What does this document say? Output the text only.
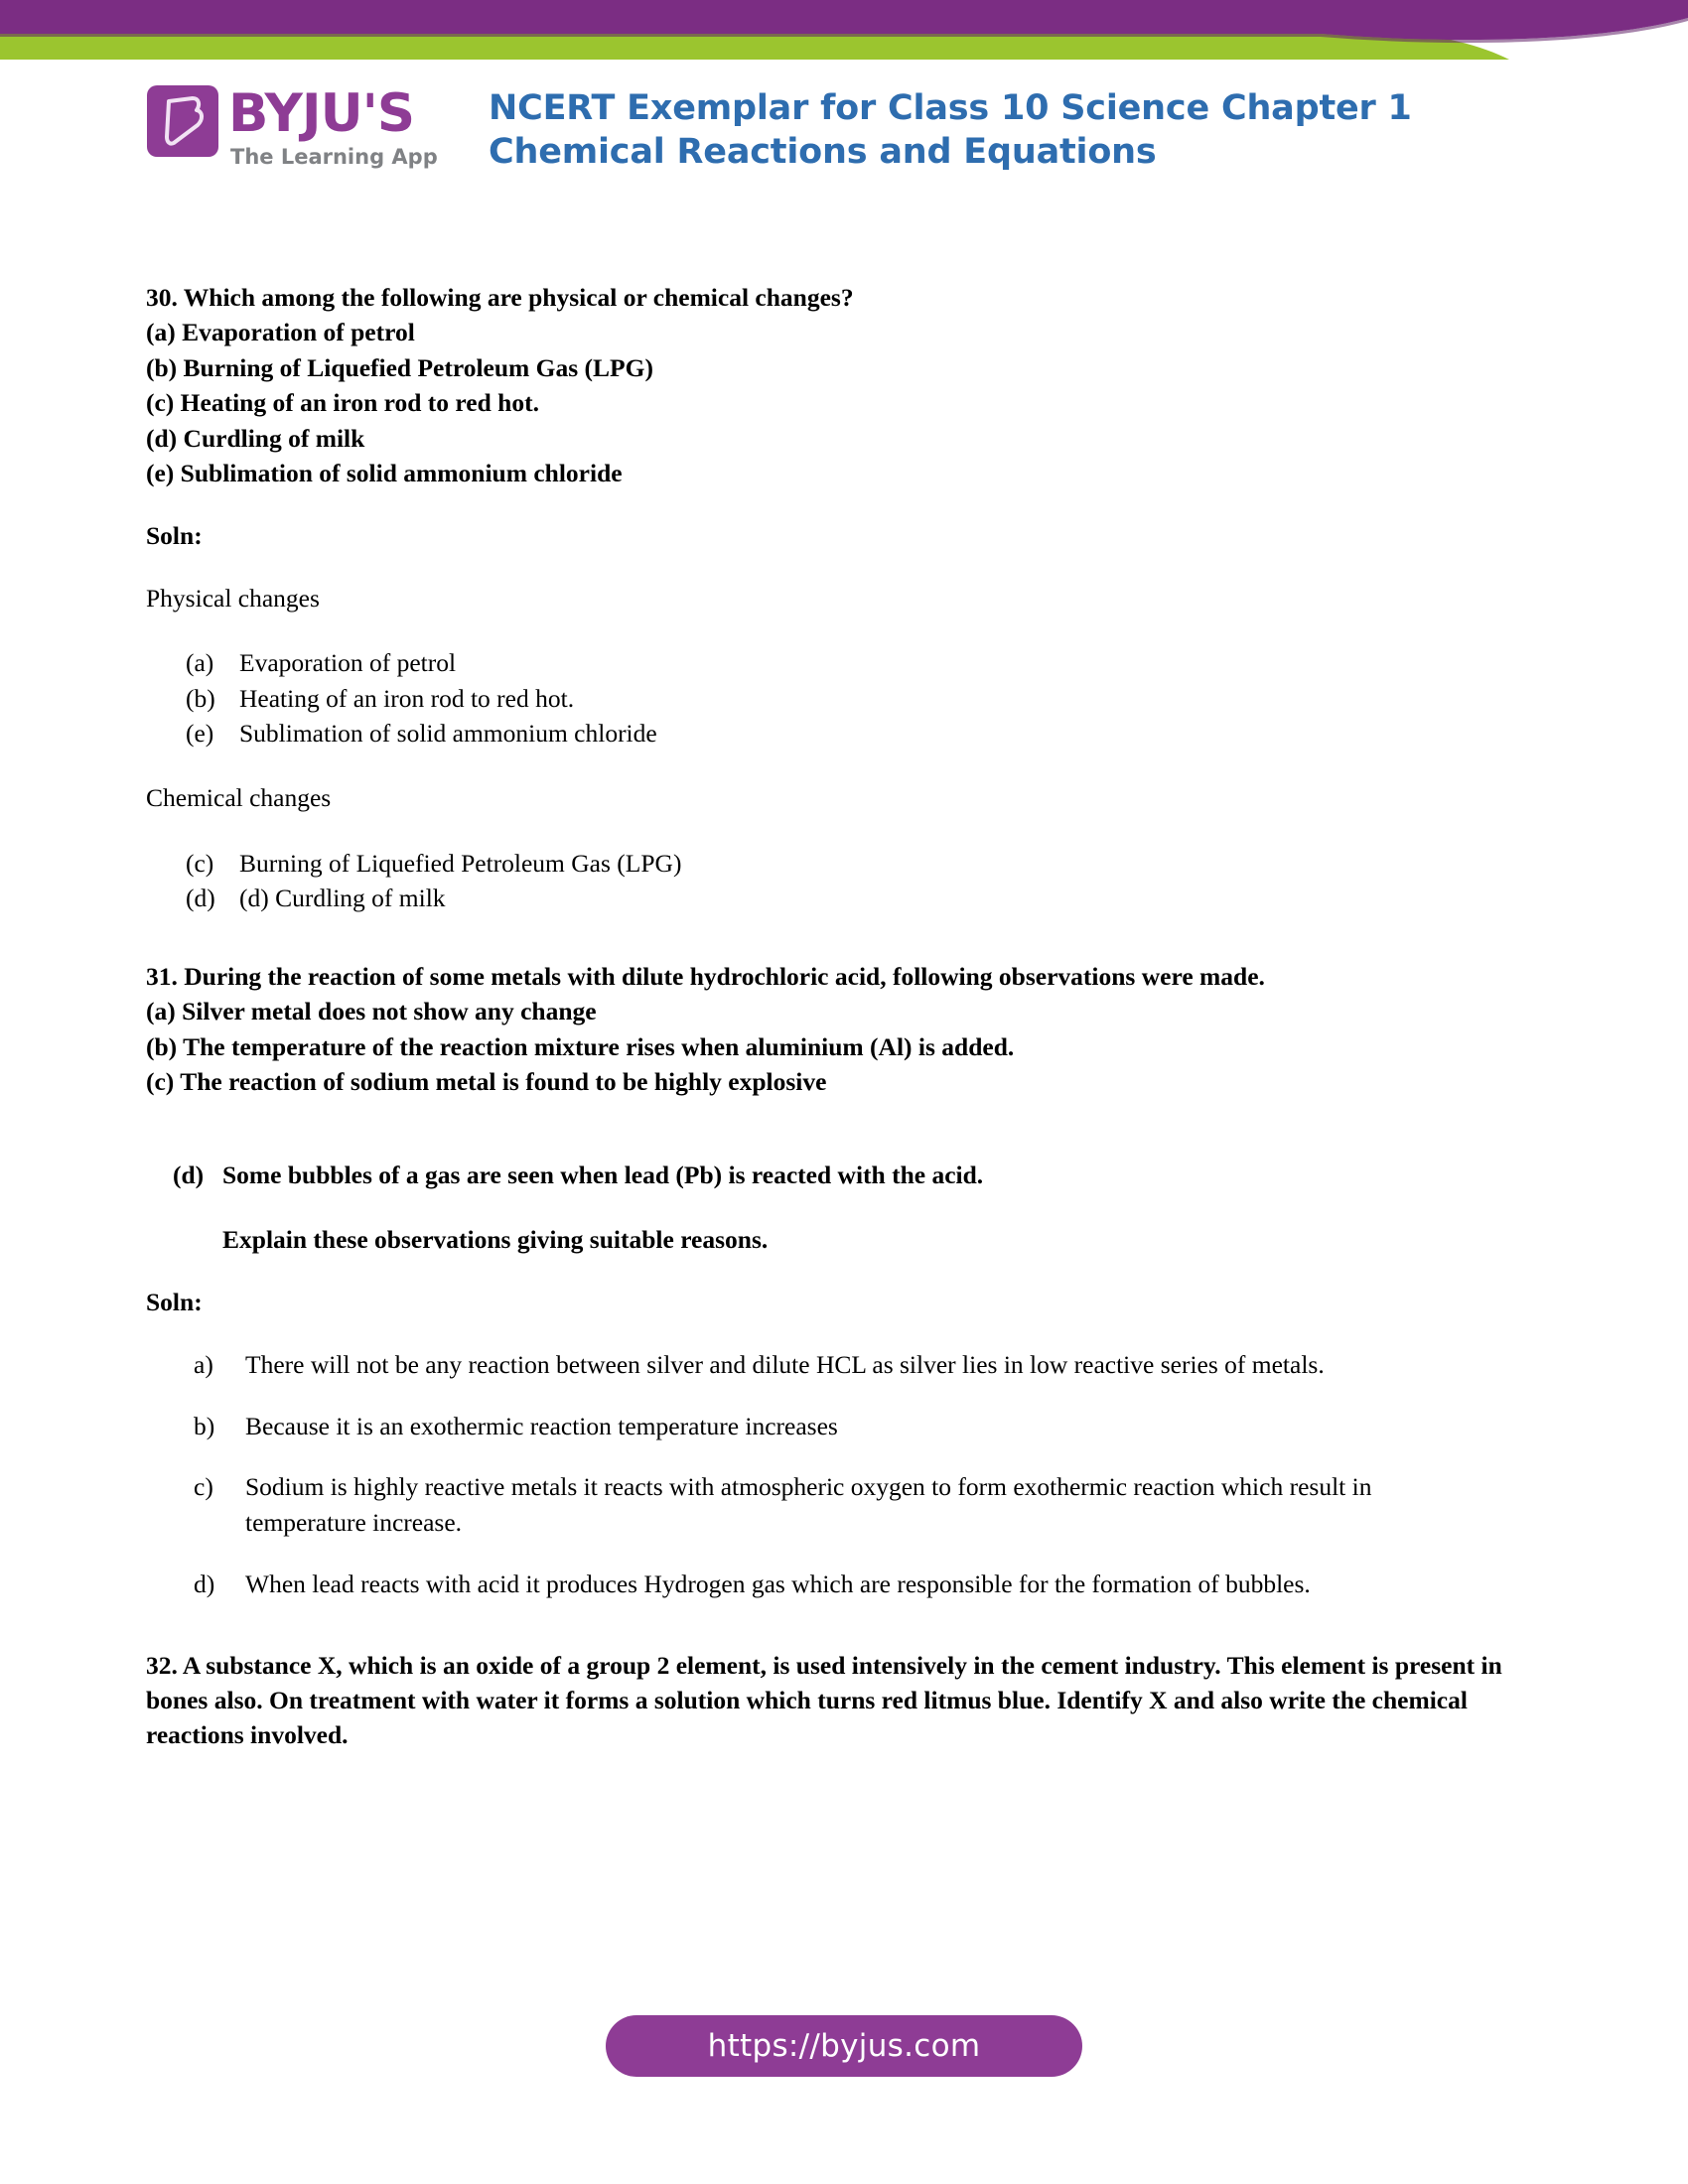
BYJU'S
The Learning App
NCERT Exemplar for Class 10 Science Chapter 1 Chemical Reactions and Equations
30. Which among the following are physical or chemical changes?
(a) Evaporation of petrol
(b) Burning of Liquefied Petroleum Gas (LPG)
(c) Heating of an iron rod to red hot.
(d) Curdling of milk
(e) Sublimation of solid ammonium chloride
Soln:
Physical changes
(a)	Evaporation of petrol
(b) Heating of an iron rod to red hot.
(e)	Sublimation of solid ammonium chloride
Chemical changes
(c)	Burning of Liquefied Petroleum Gas (LPG)
(d) (d) Curdling of milk
31. During the reaction of some metals with dilute hydrochloric acid, following observations were made.
(a) Silver metal does not show any change
(b) The temperature of the reaction mixture rises when aluminium (Al) is added.
(c) The reaction of sodium metal is found to be highly explosive
(d) Some bubbles of a gas are seen when lead (Pb) is reacted with the acid.
Explain these observations giving suitable reasons.
Soln:
a)	There will not be any reaction between silver and dilute HCL as silver lies in low reactive series of metals.
b)	Because it is an exothermic reaction temperature increases
c)	Sodium is highly reactive metals it reacts with atmospheric oxygen to form exothermic reaction which result in temperature increase.
d)	When lead reacts with acid it produces Hydrogen gas which are responsible for the formation of bubbles.
32. A substance X, which is an oxide of a group 2 element, is used intensively in the cement industry. This element is present in bones also. On treatment with water it forms a solution which turns red litmus blue. Identify X and also write the chemical reactions involved.
https://byjus.com
